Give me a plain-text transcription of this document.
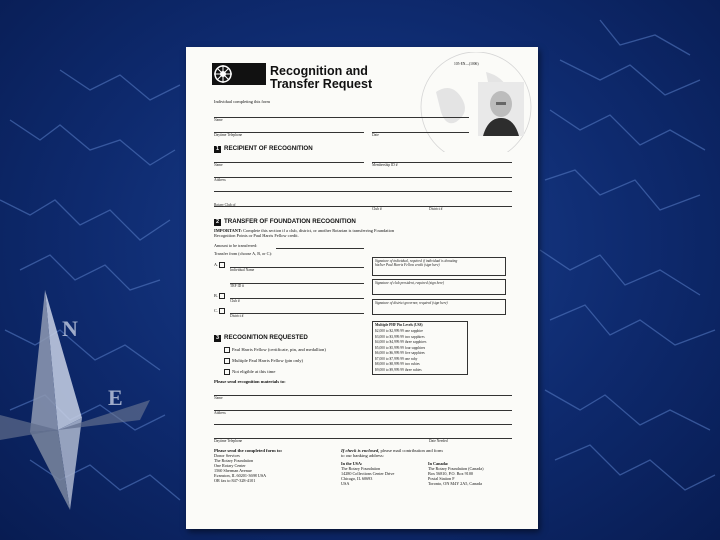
N
E
Recognition and
Transfer Request
105-EN—(1006)
Individual completing this form
Name
Daytime Telephone	Date
1 RECIPIENT OF RECOGNITION
Name	Membership ID #
Address
Rotary Club of
Club #	District #
2 TRANSFER OF FOUNDATION RECOGNITION
IMPORTANT: Complete this section if a club, district, or another Rotarian is transferring Foundation
Recognition Points or Paul Harris Fellow credit.
Amount to be transferred:
Transfer from (choose A, B, or C):
A.
Individual Name
TRF ID #
B.
Club #
C.
District #
Signature of individual, required if individual is donating
his/her Paul Harris Fellow credit (sign here)
Signature of club president, required (sign here)
Signature of district governor, required (sign here)
3 RECOGNITION REQUESTED
Paul Harris Fellow (certificate, pin, and medallion)
Multiple Paul Harris Fellow (pin only)
Not eligible at this time
Multiple PHF Pin Levels (US$)
$2,000 to $2,999.99 one sapphire
$3,000 to $3,999.99 two sapphires
$4,000 to $4,999.99 three sapphires
$5,000 to $5,999.99 four sapphires
$6,000 to $6,999.99 five sapphires
$7,000 to $7,999.99 one ruby
$8,000 to $8,999.99 two rubies
$9,000 to $9,999.99 three rubies
Please send recognition materials to:
Name
Address
Daytime Telephone	Date Needed
Please send the completed form to:
Donor Services
The Rotary Foundation
One Rotary Center
1560 Sherman Avenue
Evanston, IL 60201-3698 USA
OR fax to 847-328-4101
If check is enclosed, please mail contribution and form
to our banking address:
In the USA:
The Rotary Foundation
14280 Collections Center Drive
Chicago, IL 60693
USA
In Canada:
The Rotary Foundation (Canada)
Box 56810, P.O. Box 9100
Postal Station F
Toronto, ON M4Y 2A5, Canada
